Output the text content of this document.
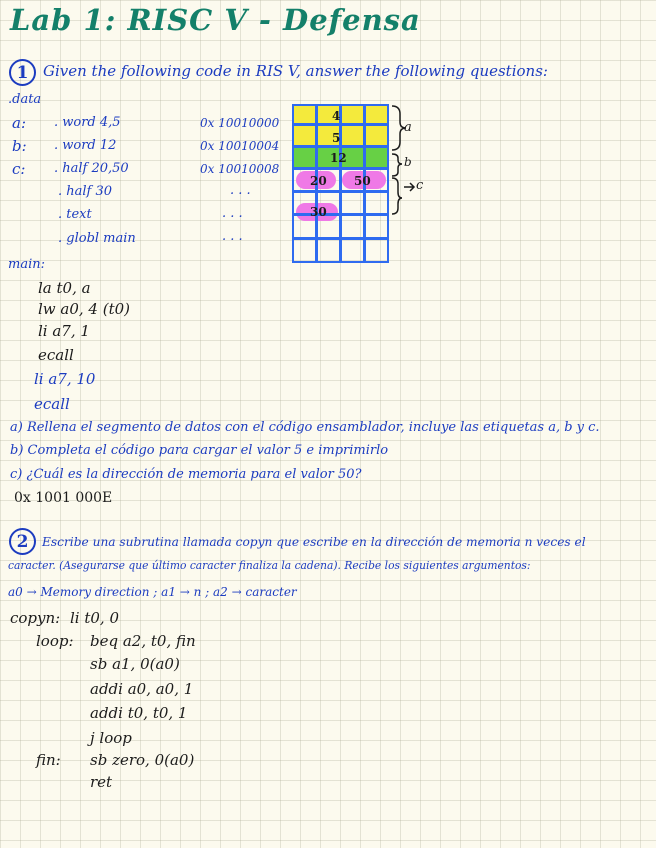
Lab 1: RISC V - Defensa
1 Given the following code in RIS V, answer the following questions:
.data
a:
b:
c:
. word 4,5
. word 12
. half 20,50
. half 30
. text
. globl main
0x 10010000
0x 10010004
0x 10010008
. . .
. . .
. . .
4
5
12
20 50
30
a
b
c
main:
la t0, a
lw a0, 4 (t0)
li a7, 1
ecall
li a7, 10
ecall
a) Rellena el segmento de datos con el código ensamblador, incluye las etiquetas a, b y c.
b) Completa el código para cargar el valor 5 e imprimirlo
c) ¿Cuál es la dirección de memoria para el valor 50?
0x 1001 000E
2	Escribe una subrutina llamada copyn que escribe en la dirección de memoria n veces el
caracter. (Asegurarse que último caracter finaliza la cadena). Recibe los siguientes argumentos:
a0 → Memory direction ; a1 → n ; a2 → caracter
copyn: li t0, 0
loop: beq a2, t0, fin
sb a1, 0(a0)
addi a0, a0, 1
addi t0, t0, 1
j loop
fin: sb zero, 0(a0)
ret
